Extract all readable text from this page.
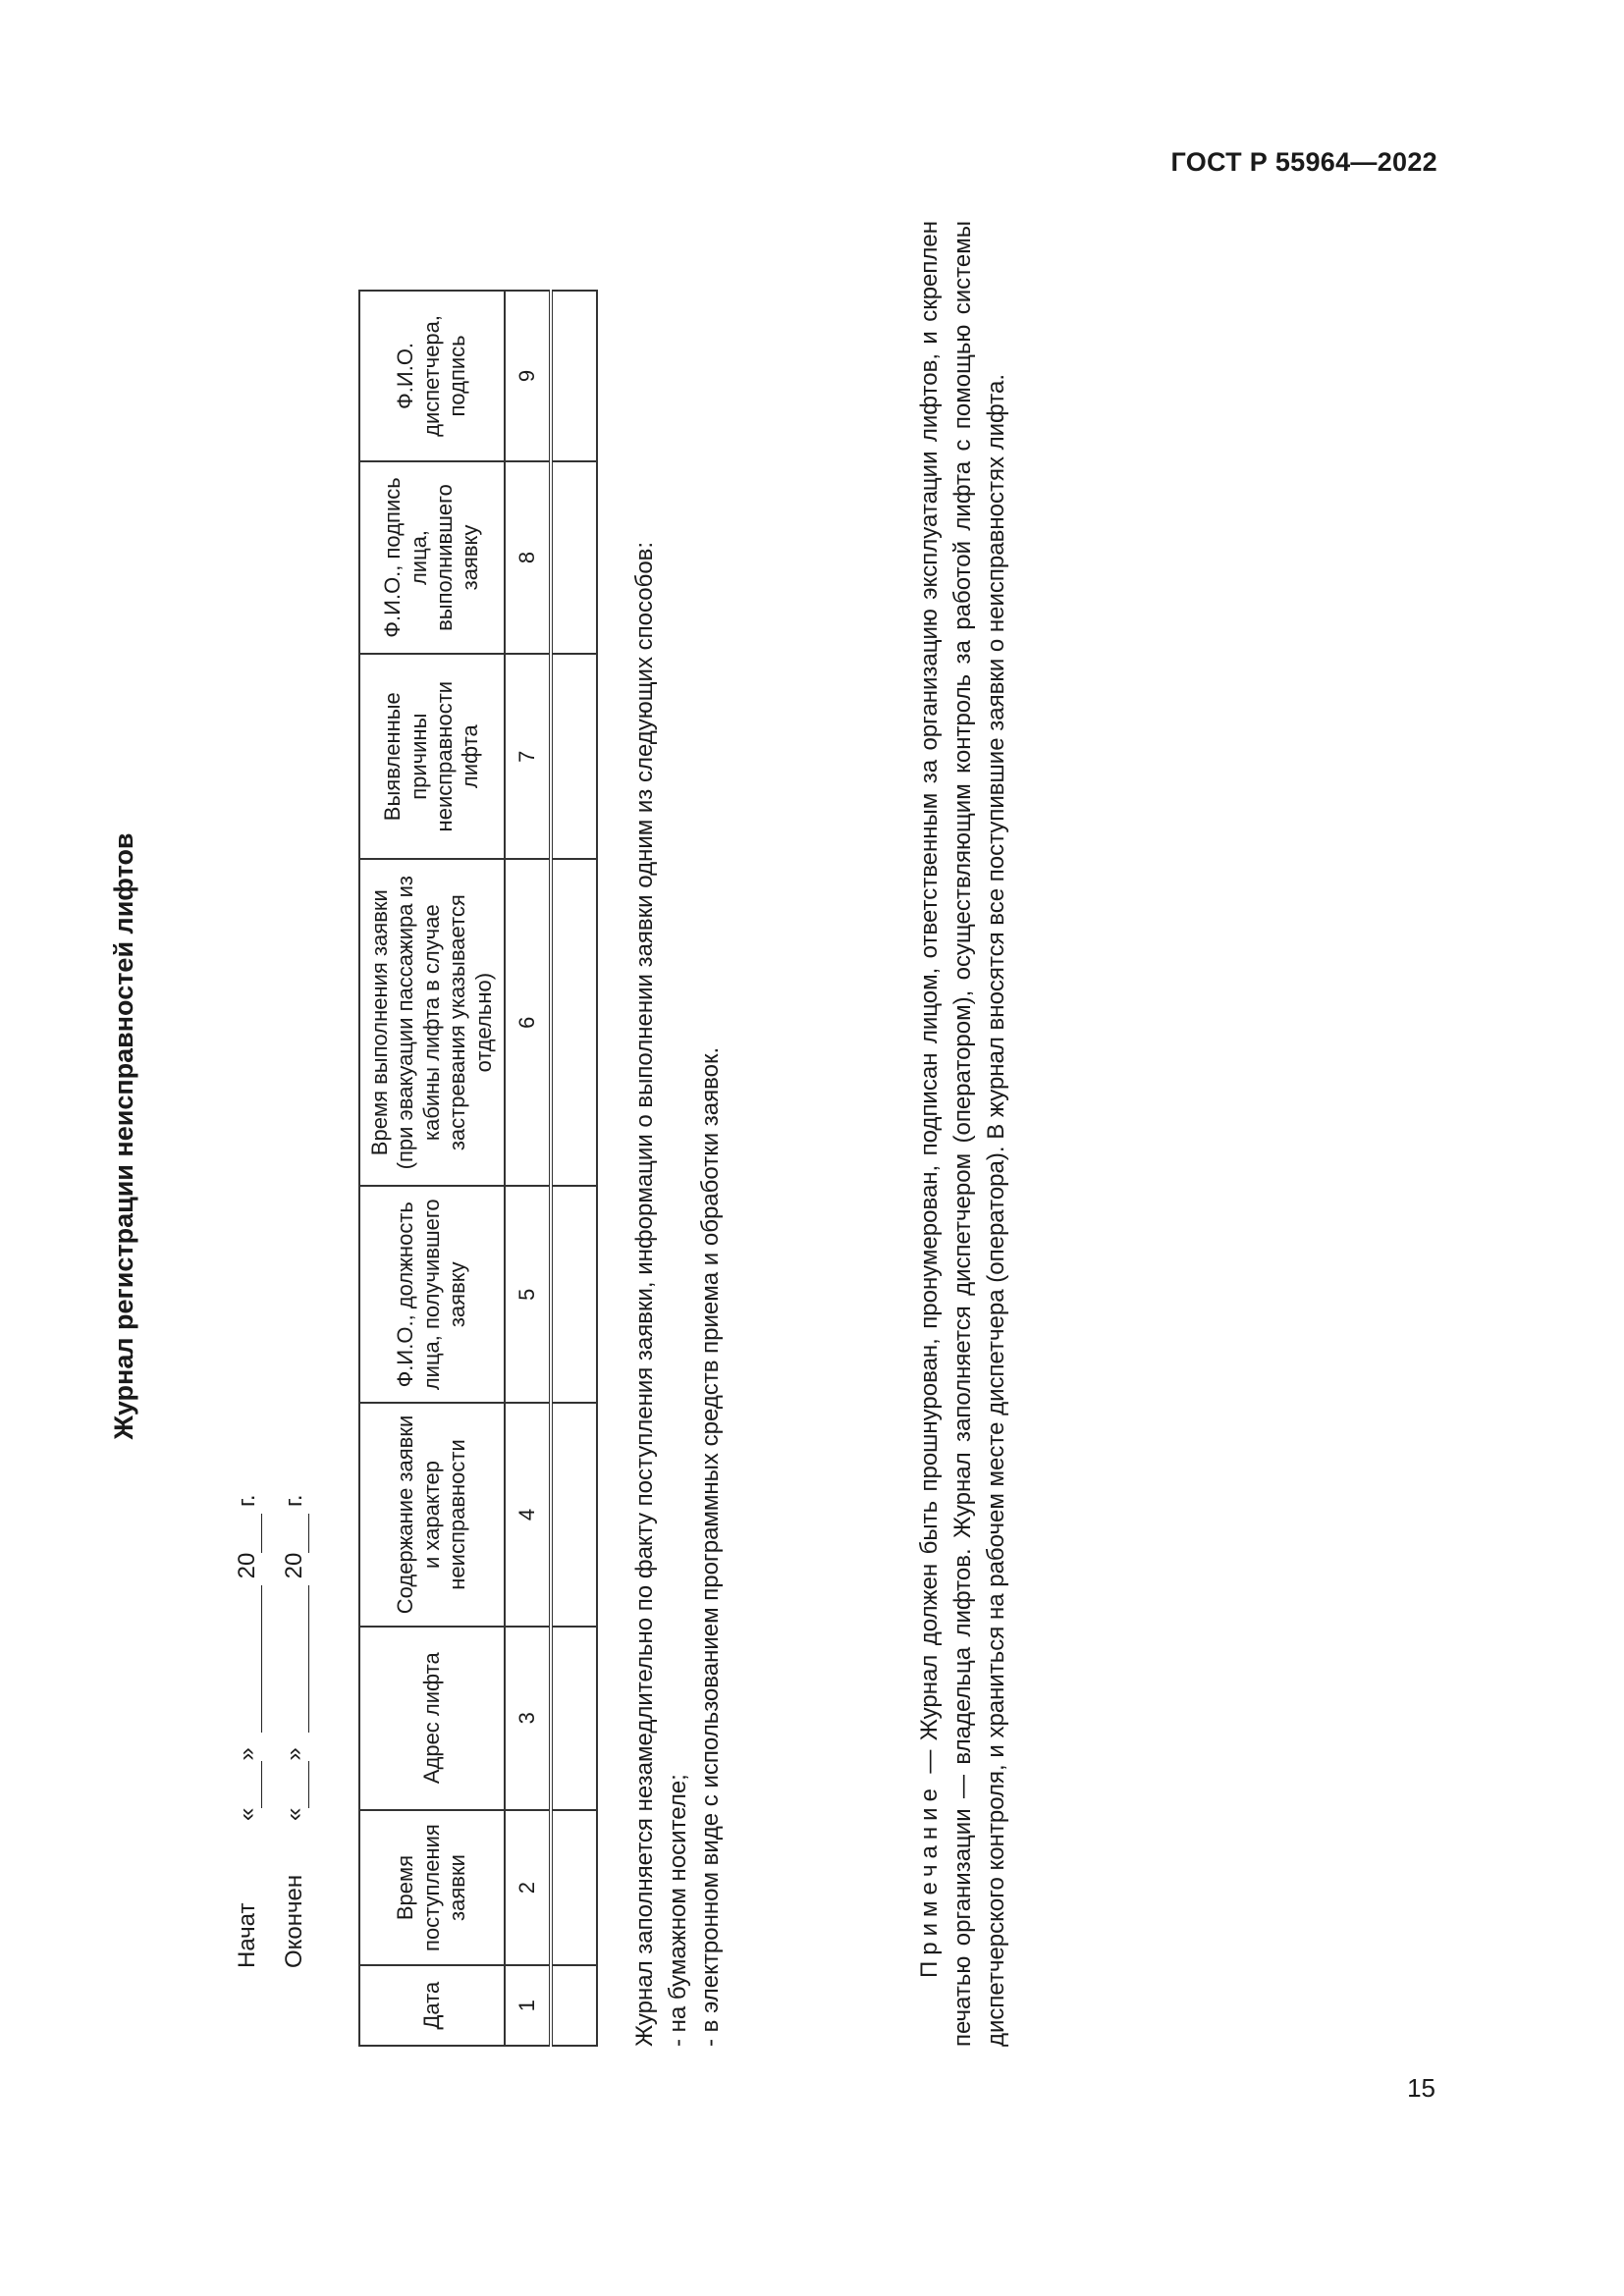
ГОСТ Р 55964—2022
15
Журнал регистрации неисправностей лифтов
Начат« »  20  г.
Окончен« »  20  г.
Дата	Время поступления заявки	Адрес лифта	Содержание заявки и характер неисправности	Ф.И.О., должность лица, получившего заявку	Время выполнения заявки (при эвакуации пассажира из кабины лифта в случае застревания указывается отдельно)	Выявленные причины неисправности лифта	Ф.И.О., подпись лица, выполнившего заявку	Ф.И.О. диспетчера, подпись
1	2	3	4	5	6	7	8	9

Журнал заполняется незамедлительно по факту поступления заявки, информации о выполнении заявки одним из следующих способов: - на бумажном носителе; - в электронном виде с использованием программных средств приема и обработки заявок.	Примечание — Журнал должен быть прошнурован, пронумерован, подписан лицом, ответственным за организацию эксплуатации лифтов, и скреплен печатью организации — владельца лифтов. Журнал заполняется диспетчером (оператором), осуществляющим контроль за работой лифта с помощью системы диспетчерского контроля, и храниться на рабочем месте диспетчера (оператора). В журнал вносятся все поступившие заявки о неисправностях лифта.
